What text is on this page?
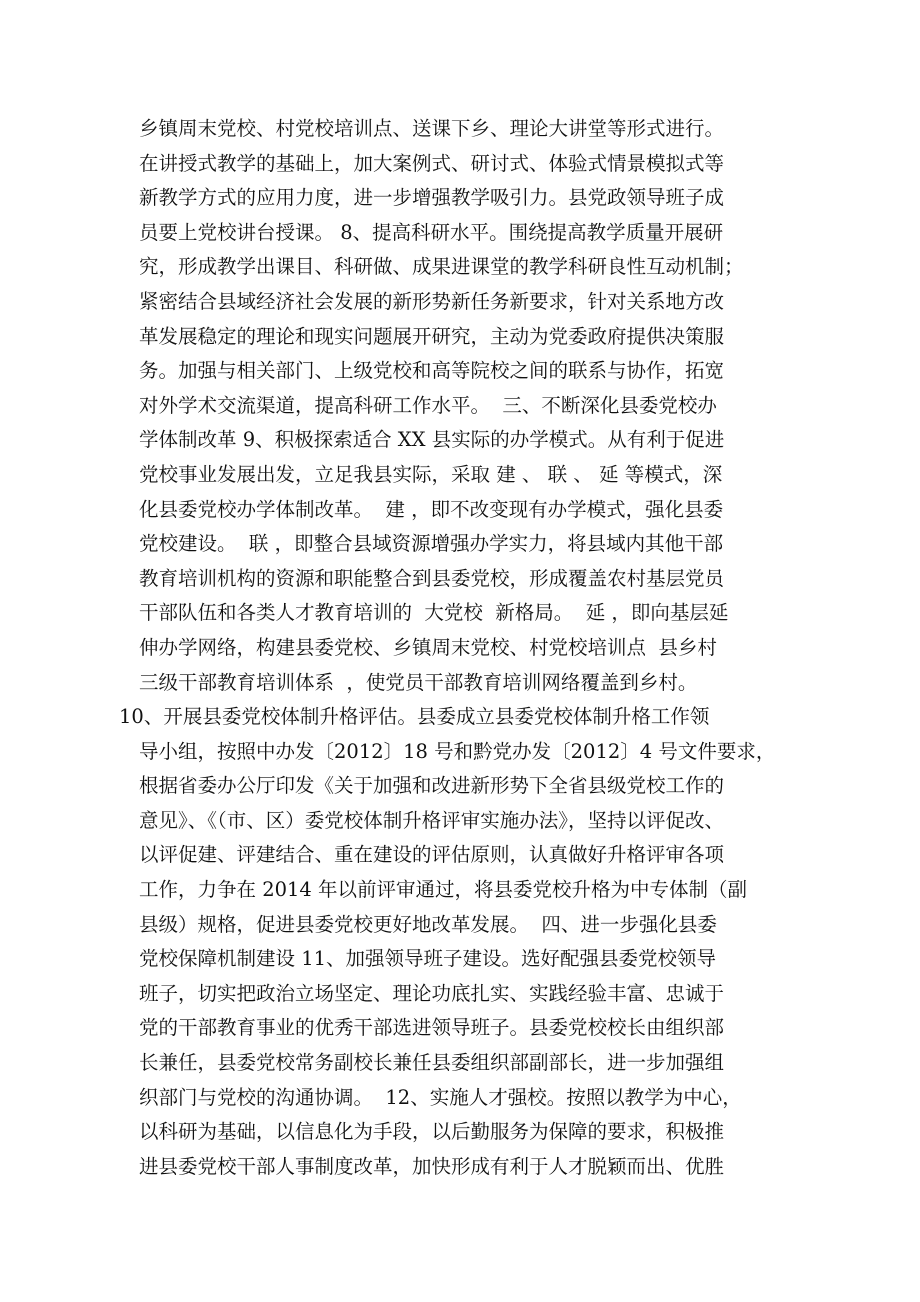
乡镇周末党校、村党校培训点、送课下乡、理论大讲堂等形式进行。
在讲授式教学的基础上，加大案例式、研讨式、体验式情景模拟式等
新教学方式的应用力度，进一步增强教学吸引力。县党政领导班子成
员要上党校讲台授课。 8、提高科研水平。围绕提高教学质量开展研
究，形成教学出课目、科研做、成果进课堂的教学科研良性互动机制；
紧密结合县域经济社会发展的新形势新任务新要求，针对关系地方改
革发展稳定的理论和现实问题展开研究，主动为党委政府提供决策服
务。加强与相关部门、上级党校和高等院校之间的联系与协作，拓宽
对外学术交流渠道，提高科研工作水平。  三、不断深化县委党校办
学体制改革 9、积极探索适合 XX 县实际的办学模式。从有利于促进
党校事业发展出发，立足我县实际，采取 建 、 联 、 延 等模式，深
化县委党校办学体制改革。  建 ，即不改变现有办学模式，强化县委
党校建设。  联 ，即整合县域资源增强办学实力，将县域内其他干部
教育培训机构的资源和职能整合到县委党校，形成覆盖农村基层党员
干部队伍和各类人才教育培训的  大党校  新格局。  延 ，即向基层延
伸办学网络，构建县委党校、乡镇周末党校、村党校培训点  县乡村
三级干部教育培训体系  ，使党员干部教育培训网络覆盖到乡村。
10、开展县委党校体制升格评估。县委成立县委党校体制升格工作领
导小组，按照中办发〔2012〕18 号和黔党办发〔2012〕4 号文件要求，
根据省委办公厅印发《关于加强和改进新形势下全省县级党校工作的
意见》、《（市、区）委党校体制升格评审实施办法》，坚持以评促改、
以评促建、评建结合、重在建设的评估原则，认真做好升格评审各项
工作，力争在 2014 年以前评审通过，将县委党校升格为中专体制（副
县级）规格，促进县委党校更好地改革发展。  四、进一步强化县委
党校保障机制建设 11、加强领导班子建设。选好配强县委党校领导
班子，切实把政治立场坚定、理论功底扎实、实践经验丰富、忠诚于
党的干部教育事业的优秀干部选进领导班子。县委党校校长由组织部
长兼任，县委党校常务副校长兼任县委组织部副部长，进一步加强组
织部门与党校的沟通协调。  12、实施人才强校。按照以教学为中心，
以科研为基础，以信息化为手段，以后勤服务为保障的要求，积极推
进县委党校干部人事制度改革，加快形成有利于人才脱颖而出、优胜
